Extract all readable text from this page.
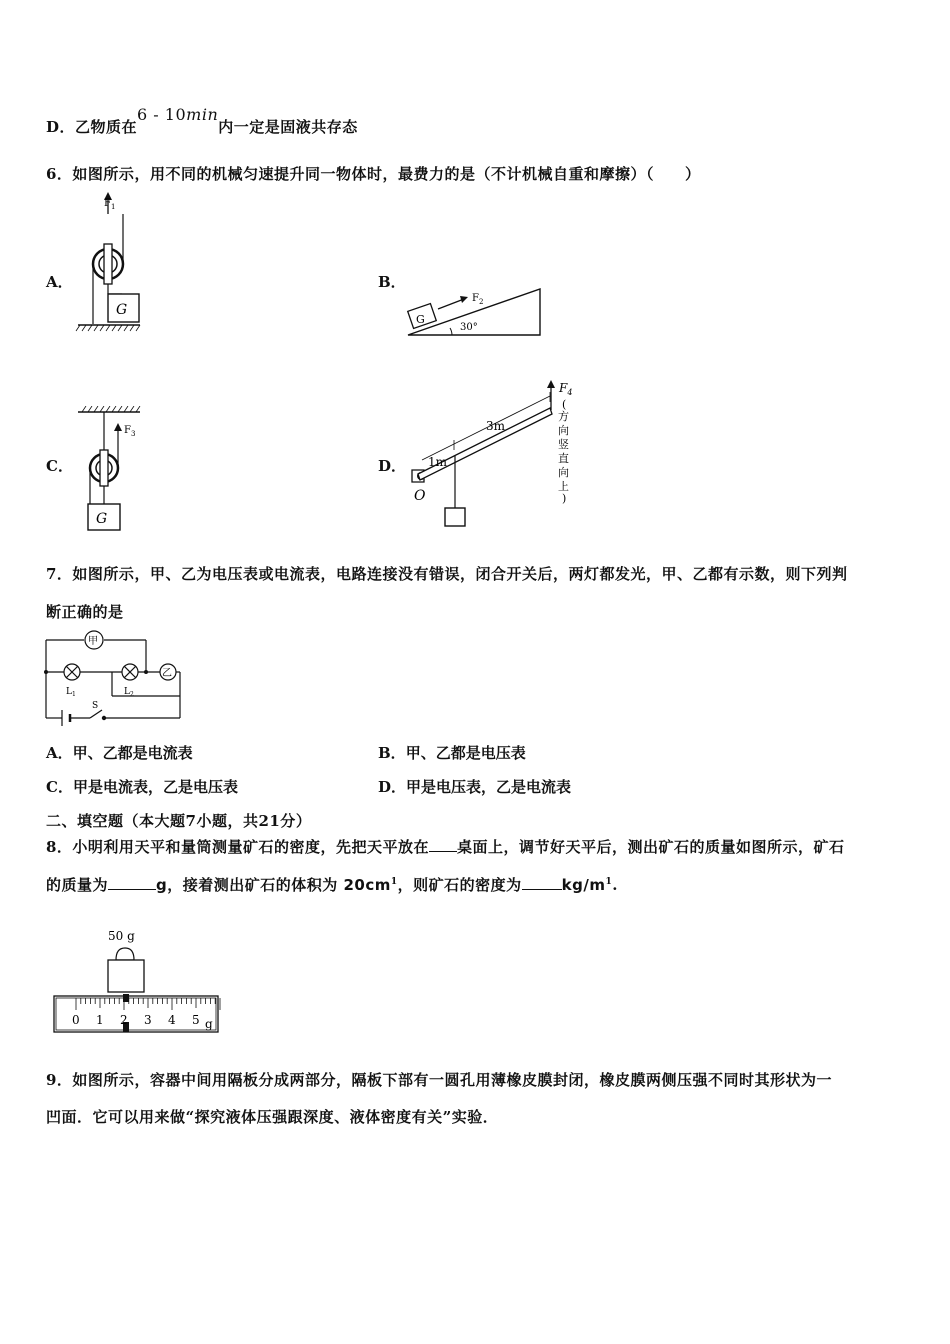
D．乙物质在6 - 10min内一定是固液共存态
6．如图所示，用不同的机械匀速提升同一物体时，最费力的是（不计机械自重和摩擦）（　　）
A．	B．
C．	D．
$F_1$
G
G
$F_2$
30°
$F_3$
G
O
1m
3m
$F_4$
(
方
向
竖
直
向
上
)
7．如图所示，甲、乙为电压表或电流表，电路连接没有错误，闭合开关后，两灯都发光，甲、乙都有示数，则下列判
断正确的是
甲
乙
$L_1$	$L_2$
S
A．甲、乙都是电流表	B．甲、乙都是电压表
C．甲是电流表，乙是电压表	D．甲是电压表，乙是电流表
二、填空题（本大题7小题，共21分）
8．小明利用天平和量筒测量矿石的密度，先把天平放在 桌面上，调节好天平后，测出矿石的质量如图所示，矿石
的质量为	g，接着测出矿石的体积为 $20cm^1$，则矿石的密度为	$kg/m^1$.
50 g
0 1 2 3 4 5 g
9．如图所示，容器中间用隔板分成两部分，隔板下部有一圆孔用薄橡皮膜封闭，橡皮膜两侧压强不同时其形状为一
凹面．它可以用来做“探究液体压强跟深度、液体密度有关”实验．
